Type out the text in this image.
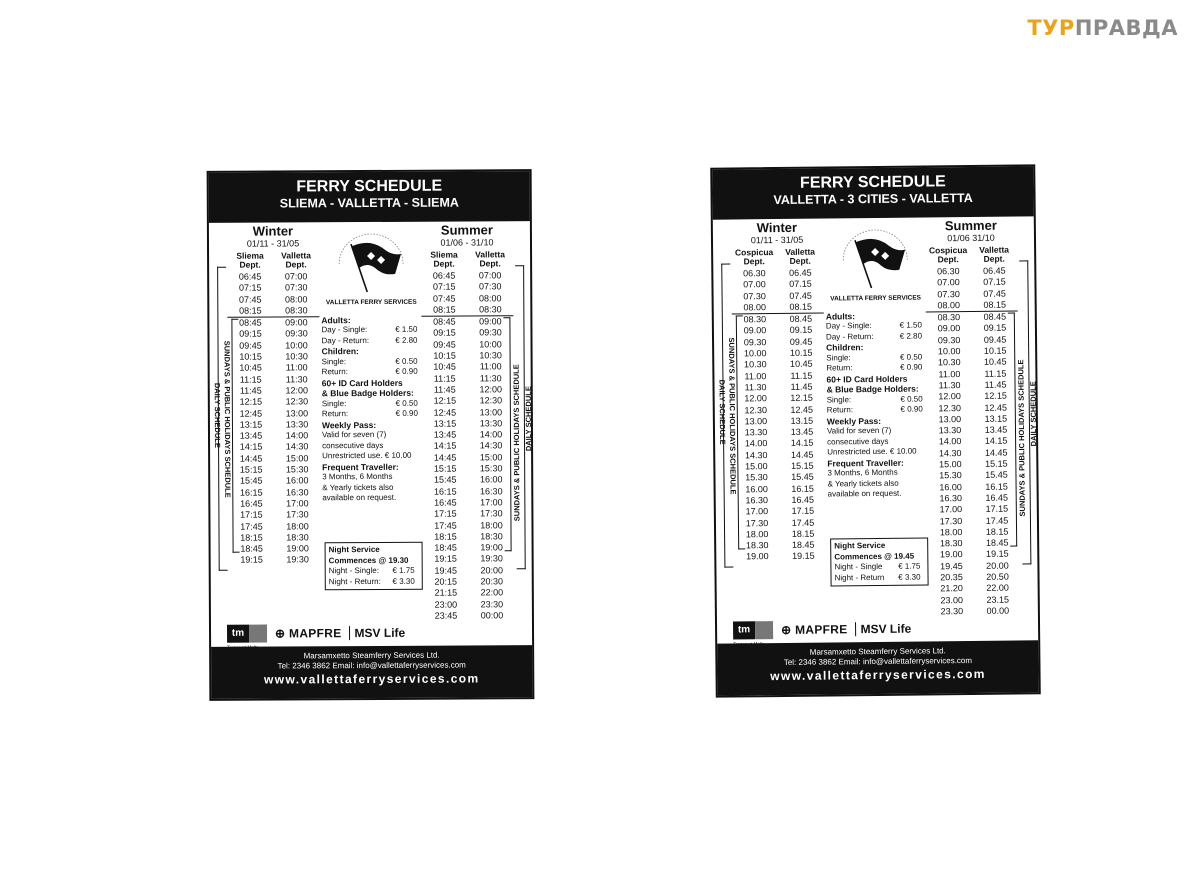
ТУРПРАВДА
FERRY SCHEDULE
SLIEMA - VALLETTA - SLIEMA
Winter
01/11 - 31/05
Sliema Dept.
Valletta Dept.
06:45	07:00
07:15	07:30
07:45	08:00
08:15	08:30
08:45	09:00
09:15	09:30
09:45	10:00
10:15	10:30
10:45	11:00
11:15	11:30
11:45	12:00
12:15	12:30
12:45	13:00
13:15	13:30
13:45	14:00
14:15	14:30
14:45	15:00
15:15	15:30
15:45	16:00
16:15	16:30
16:45	17:00
17:15	17:30
17:45	18:00
18:15	18:30
18:45	19:00
19:15	19:30
VALLETTA FERRY SERVICES
Adults:
Day - Single:	€ 1.50
Day - Return:	€ 2.80
Children:
Single:	€ 0.50
Return:	€ 0.90
60+ ID Card Holders
& Blue Badge Holders:
Single:	€ 0.50
Return:	€ 0.90
Weekly Pass:
Valid for seven (7)
consecutive days
Unrestricted use. € 10.00
Frequent Traveller:
3 Months, 6 Months
& Yearly tickets also
available on request.
Night Service
Commences @ 19.30
Night - Single: € 1.75
Night - Return: € 3.30
Summer
01/06 - 31/10
Sliema Dept.
Valletta Dept.
06:45	07:00
07:15	07:30
07:45	08:00
08:15	08:30
08:45	09:00
09:15	09:30
09:45	10:00
10:15	10:30
10:45	11:00
11:15	11:30
11:45	12:00
12:15	12:30
12:45	13:00
13:15	13:30
13:45	14:00
14:15	14:30
14:45	15:00
15:15	15:30
15:45	16:00
16:15	16:30
16:45	17:00
17:15	17:30
17:45	18:00
18:15	18:30
18:45	19:00
19:15	19:30
19:45	20:00
20:15	20:30
21:15	22:00
23:00	23:30
23:45	00:00
DAILY SCHEDULE SUNDAYS & PUBLIC HOLIDAYS SCHEDULE	DAILY SCHEDULE
SUNDAYS & PUBLIC HOLIDAYS SCHEDULE
tm	⊕ MAPFRE	MSV Life
Marsamxetto Steamferry Services Ltd.
Tel: 2346 3862 Email: info@vallettaferryservices.com
www.vallettaferryservices.com
FERRY SCHEDULE
VALLETTA - 3 CITIES - VALLETTA
Winter
01/11 - 31/05
Cospicua Dept.
Valletta Dept.
06.30	06.45
07.00	07.15
07.30	07.45
08.00	08.15
08.30	08.45
09.00	09.15
09.30	09.45
10.00	10.15
10.30	10.45
11.00	11.15
11.30	11.45
12.00	12.15
12.30	12.45
13.00	13.15
13.30	13.45
14.00	14.15
14.30	14.45
15.00	15.15
15.30	15.45
16.00	16.15
16.30	16.45
17.00	17.15
17.30	17.45
18.00	18.15
18.30	18.45
19.00	19.15
VALLETTA FERRY SERVICES
Adults:
Day - Single:	€ 1.50
Day - Return:	€ 2.80
Children:
Single:	€ 0.50
Return:	€ 0.90
60+ ID Card Holders
& Blue Badge Holders:
Single:	€ 0.50
Return:	€ 0.90
Weekly Pass:
Valid for seven (7)
consecutive days
Unrestricted use. € 10.00
Frequent Traveller:
3 Months, 6 Months
& Yearly tickets also
available on request.
Night Service
Commences @ 19.45
Night - Single € 1.75
Night - Return € 3.30
Summer
01/06 31/10
Cospicua Dept.
Valletta Dept.
06.30	06.45
07.00	07.15
07.30	07.45
08.00	08.15
08.30	08.45
09.00	09.15
09.30	09.45
10.00	10.15
10.30	10.45
11.00	11.15
11.30	11.45
12.00	12.15
12.30	12.45
13.00	13.15
13.30	13.45
14.00	14.15
14.30	14.45
15.00	15.15
15.30	15.45
16.00	16.15
16.30	16.45
17.00	17.15
17.30	17.45
18.00	18.15
18.30	18.45
19.00	19.15
19.45	20.00
20.35	20.50
21.20	22.00
23.00	23.15
23.30	00.00
DAILY SCHEDULE SUNDAYS & PUBLIC HOLIDAYS SCHEDULE	DAILY SCHEDULE
SUNDAYS & PUBLIC HOLIDAYS SCHEDULE
tm	⊕ MAPFRE	MSV Life
Marsamxetto Steamferry Services Ltd.
Tel: 2346 3862 Email: info@vallettaferryservices.com
www.vallettaferryservices.com
